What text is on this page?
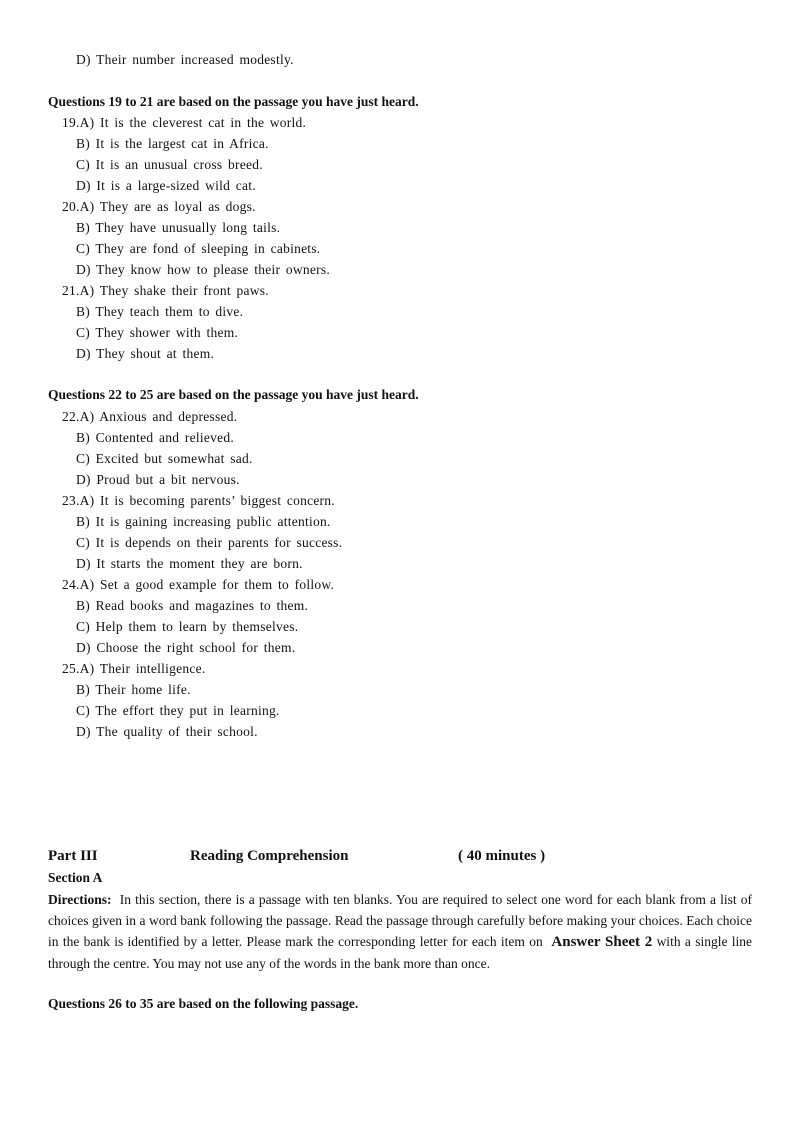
D) Their number increased modestly.
Questions 19 to 21 are based on the passage you have just heard.
19.A) It is the cleverest cat in the world.
B) It is the largest cat in Africa.
C) It is an unusual cross breed.
D) It is a large-sized wild cat.
20.A) They are as loyal as dogs.
B) They have unusually long tails.
C) They are fond of sleeping in cabinets.
D) They know how to please their owners.
21.A) They shake their front paws.
B) They teach them to dive.
C) They shower with them.
D) They shout at them.
Questions 22 to 25 are based on the passage you have just heard.
22.A) Anxious and depressed.
B) Contented and relieved.
C) Excited but somewhat sad.
D) Proud but a bit nervous.
23.A) It is becoming parents’ biggest concern.
B) It is gaining increasing public attention.
C) It is depends on their parents for success.
D) It starts the moment they are born.
24.A) Set a good example for them to follow.
B) Read books and magazines to them.
C) Help them to learn by themselves.
D) Choose the right school for them.
25.A) Their intelligence.
B) Their home life.
C) The effort they put in learning.
D) The quality of their school.
Part III	Reading Comprehension	( 40 minutes )
Section A
Directions: In this section, there is a passage with ten blanks. You are required to select one word for each blank from a list of choices given in a word bank following the passage. Read the passage through carefully before making your choices. Each choice in the bank is identified by a letter. Please mark the corresponding letter for each item on Answer Sheet 2 with a single line through the centre. You may not use any of the words in the bank more than once.
Questions 26 to 35 are based on the following passage.
